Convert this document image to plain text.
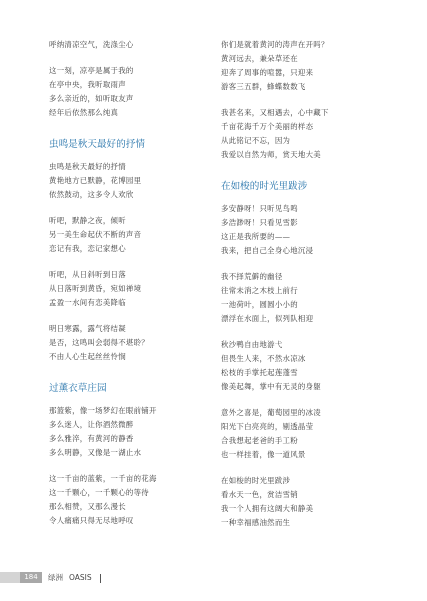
呼纳清凉空气，洗涤尘心
这一刻，凉亭是属于我的
在亭中央，我听取雨声
多么亲近的，如听取友声
经年后依然那么纯真
虫鸣是秋天最好的抒情
虫鸣是秋天最好的抒情
黄艳地方已默静，花博园里
依然鼓动，这多令人欢欣
听吧，默静之夜，倾听
另一美生命起伏不断的声音
恋记有我，恋记家想心
听吧，从日斜听到日落
从日落听到黄昏，宛如禅境
孟盈一水间有恋美降临
明日寒露，露气将结凝
是否，这鸣叫会弱得不堪聆？
不由人心生起丝丝怜悯
过薰衣草庄园
那篮紫，像一场梦幻在眼前铺开
多么迷人，让你酒然微醉
多么雅淬，有黄河的静香
多么明静，又像是一湖止水
这一千亩的蓝紫，一千亩的花海
这一千颗心，一千颗心的等待
那么相赞，又那么漫长
令人痛痛只得无尽地呼叹
你们是就着黄河的涛声在开吗？
黄河远去，兼朵草还在
迎奔了周事的喧嚣，只迎来
游客三五群，蜂蝶数数飞
我甚名来，又相遇去，心中藏下
千亩花海千万个美丽的样态
从此铭记不忘，因为
我爱以自然为师，赏天地大美
在如梭的时光里跋涉
多安静呀！只听见鸟鸣
多浩渺呀！只看见雪影
这正是我所要的——
我来，把自己全身心地沉浸
我不择荒僻的幽径
往常未消之木枝上前行
一池荷叶，圆圆小小的
漂浮在水面上，似列队相迎
秋沙鸭自由地游弋
但畏生人来，不然水凉冰
松枝的手掌托起莲蓬雪
像美起舞，掌中有无灵的身躯
意外之喜是，葡萄园里的冰凌
阳光下白亮亮的，剔透晶莹
合我想起老爸的手工粉
也一样挂着，像一道风景
在如梭的时光里跋涉
看水天一色，赏洁雪销
我一个人拥有这阔大和静美
一种幸福感油然而生
184	绿洲 OASIS
